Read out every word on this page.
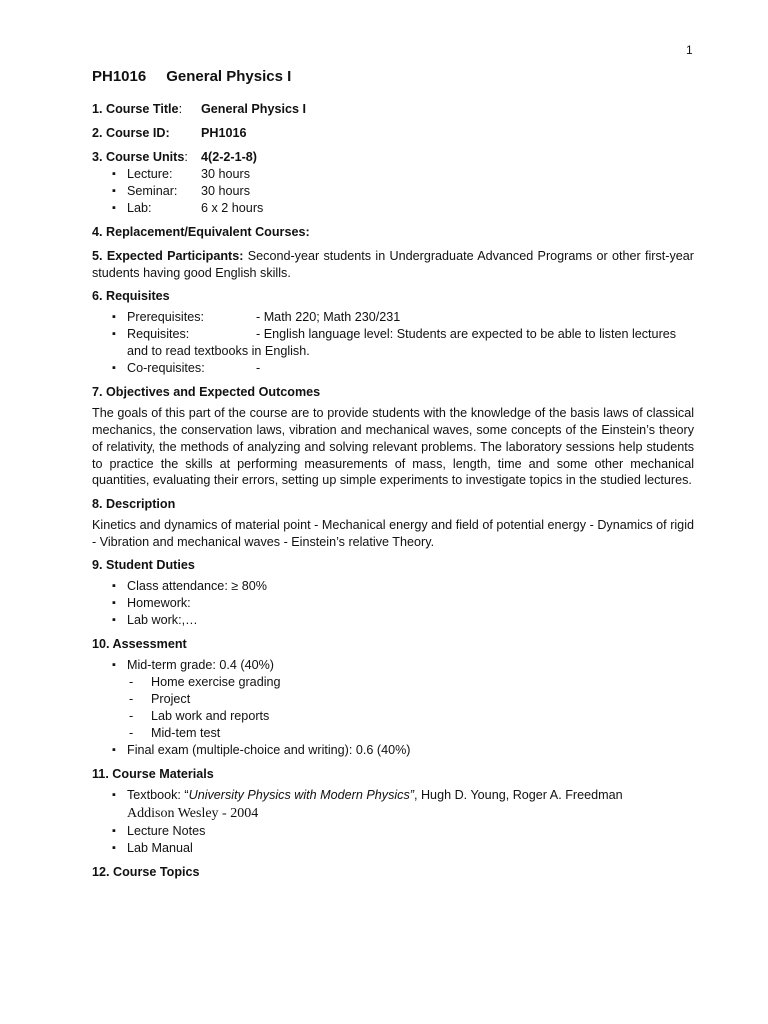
1
PH1016 General Physics I
1. Course Title:	General Physics I
2. Course ID:	PH1016
3. Course Units:	4(2-2-1-8)
▪ Lecture:	30 hours
▪ Seminar:	30 hours
▪ Lab:	6 x 2 hours
4. Replacement/Equivalent Courses:

5. Expected Participants: Second-year students in Undergraduate Advanced Programs or other first-year students having good English skills.

6. Requisites
▪ Prerequisites:	- Math 220; Math 230/231
▪ Requisites:	- English language level: Students are expected to be able to listen lectures
and to read textbooks in English.
▪ Co-requisites:	-
7. Objectives and Expected Outcomes

The goals of this part of the course are to provide students with the knowledge of the basis laws of classical mechanics, the conservation laws, vibration and mechanical waves, some concepts of the Einstein’s theory of relativity, the methods of analyzing and solving relevant problems. The laboratory sessions help students to practice the skills at performing measurements of mass, length, time and some other mechanical quantities, evaluating their errors, setting up simple experiments to investigate topics in the studied lectures.

8. Description

Kinetics and dynamics of material point - Mechanical energy and field of potential energy - Dynamics of rigid - Vibration and mechanical waves - Einstein’s relative Theory.

9. Student Duties
▪ Class attendance: ≥ 80%
▪ Homework:
▪ Lab work:,…
10. Assessment
▪ Mid-term grade: 0.4 (40%)
- Home exercise grading
- Project
- Lab work and reports
- Mid-tem test
▪ Final exam (multiple-choice and writing): 0.6 (40%)
11. Course Materials
▪ Textbook: “University Physics with Modern Physics”, Hugh D. Young, Roger A. Freedman
Addison Wesley - 2004
▪ Lecture Notes
▪ Lab Manual
12. Course Topics
